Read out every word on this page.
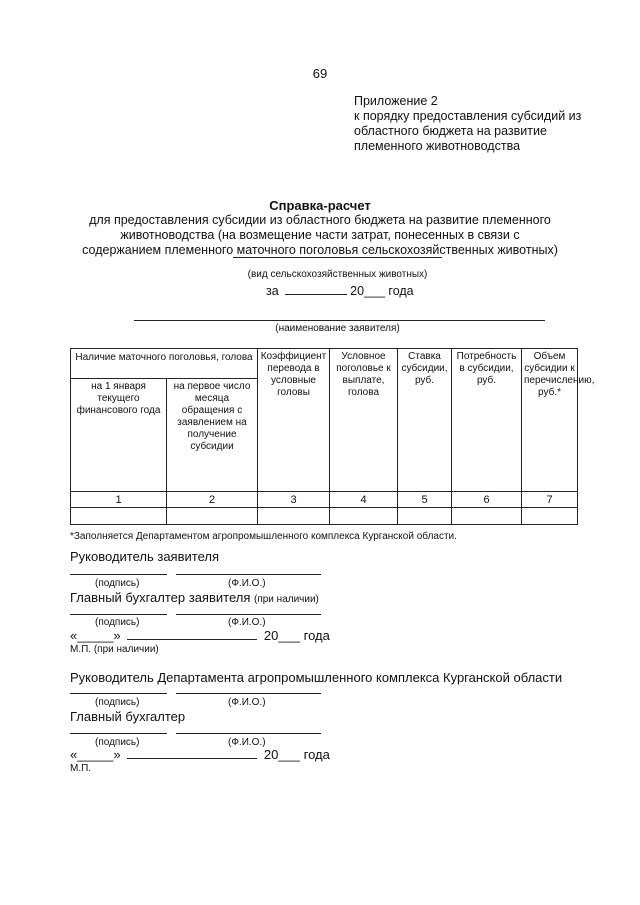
69
Приложение 2
к порядку предоставления субсидий из
областного бюджета на развитие
племенного животноводства
Справка-расчет
для предоставления субсидии из областного бюджета на развитие племенного животноводства (на возмещение части затрат, понесенных в связи с содержанием племенного маточного поголовья сельскохозяйственных животных)
(вид сельскохозяйственных животных)
за	20___ года
(наименование заявителя)
Наличие маточного поголовья, голова		Коэффициент перевода в условные головы	Условное поголовье к выплате, голова	Ставка субсидии, руб.	Потребность в субсидии, руб.	Объем субсидии к перечислению, руб.*
на 1 января текущего финансового года	на первое число месяца обращения с заявлением на получение субсидии					
1	2	3	4	5	6	7

*Заполняется Департаментом агропромышленного комплекса Курганской области.
Руководитель заявителя
(подпись)	(Ф.И.О.)
Главный бухгалтер заявителя (при наличии)
(подпись)	(Ф.И.О.)
«_____»	20___ года
М.П. (при наличии)
Руководитель Департамента агропромышленного комплекса Курганской области
(подпись)	(Ф.И.О.)
Главный бухгалтер
(подпись)	(Ф.И.О.)
«_____»	20___ года
М.П.
